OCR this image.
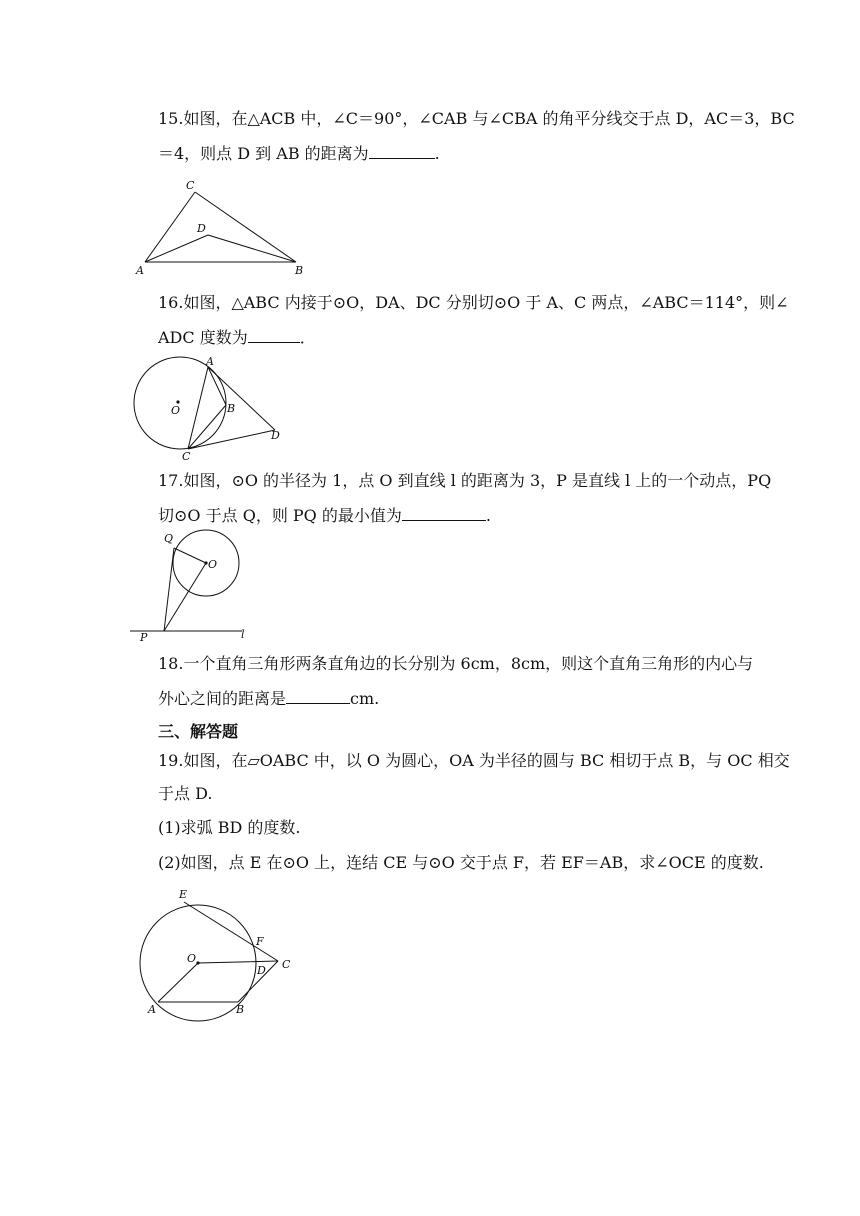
15.如图，在△ACB 中，∠C＝90°，∠CAB 与∠CBA 的角平分线交于点 D，AC＝3，BC
＝4，则点 D 到 AB 的距离为	.
C
D
A	B
16.如图，△ABC 内接于⊙O，DA、DC 分别切⊙O 于 A、C 两点，∠ABC＝114°，则∠
ADC 度数为	．
A
B
O
C
D
17.如图，⊙O 的半径为 1，点 O 到直线 l 的距离为 3，P 是直线 l 上的一个动点，PQ
切⊙O 于点 Q，则 PQ 的最小值为	.
Q
O
P	l
18.一个直角三角形两条直角边的长分别为 6cm，8cm，则这个直角三角形的内心与
外心之间的距离是	cm.
三、解答题
19.如图，在▱OABC 中，以 O 为圆心，OA 为半径的圆与 BC 相切于点 B，与 OC 相交
于点 D.
(1)求弧 BD 的度数.
(2)如图，点 E 在⊙O 上，连结 CE 与⊙O 交于点 F，若 EF＝AB，求∠OCE 的度数.
E
F
O
D C
A	B
